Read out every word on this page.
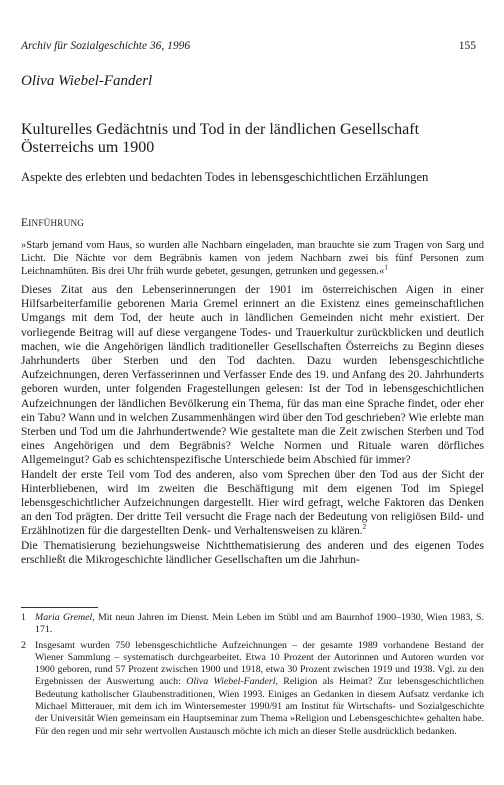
Archiv für Sozialgeschichte 36, 1996	155
Oliva Wiebel-Fanderl
Kulturelles Gedächtnis und Tod in der ländlichen Gesellschaft Österreichs um 1900
Aspekte des erlebten und bedachten Todes in lebensgeschichtlichen Erzählungen
EINFÜHRUNG
»Starb jemand vom Haus, so wurden alle Nachbarn eingeladen, man brauchte sie zum Tragen von Sarg und Licht. Die Nächte vor dem Begräbnis kamen von jedem Nachbarn zwei bis fünf Personen zum Leichnamhüten. Bis drei Uhr früh wurde gebetet, gesungen, getrunken und gegessen.«$^1$

Dieses Zitat aus den Lebenserinnerungen der 1901 im österreichischen Aigen in einer Hilfsarbeiterfamilie geborenen Maria Gremel erinnert an die Existenz eines gemeinschaftlichen Umgangs mit dem Tod, der heute auch in ländlichen Gemeinden nicht mehr existiert. Der vorliegende Beitrag will auf diese vergangene Todes- und Trauerkultur zurückblicken und deutlich machen, wie die Angehörigen ländlich traditioneller Gesellschaften Österreichs zu Beginn dieses Jahrhunderts über Sterben und den Tod dachten. Dazu wurden lebensgeschichtliche Aufzeichnungen, deren Verfasserinnen und Verfasser Ende des 19. und Anfang des 20. Jahrhunderts geboren wurden, unter folgenden Fragestellungen gelesen: Ist der Tod in lebensgeschichtlichen Aufzeichnungen der ländlichen Bevölkerung ein Thema, für das man eine Sprache findet, oder eher ein Tabu? Wann und in welchen Zusammenhängen wird über den Tod geschrieben? Wie erlebte man Sterben und Tod um die Jahrhundertwende? Wie gestaltete man die Zeit zwischen Sterben und Tod eines Angehörigen und dem Begräbnis? Welche Normen und Rituale waren dörfliches Allgemeingut? Gab es schichtenspezifische Unterschiede beim Abschied für immer?

Handelt der erste Teil vom Tod des anderen, also vom Sprechen über den Tod aus der Sicht der Hinterbliebenen, wird im zweiten die Beschäftigung mit dem eigenen Tod im Spiegel lebensgeschichtlicher Aufzeichnungen dargestellt. Hier wird gefragt, welche Faktoren das Denken an den Tod prägten. Der dritte Teil versucht die Frage nach der Bedeutung von religiösen Bild- und Erzählnotizen für die dargestellten Denk- und Verhaltensweisen zu klären.$^2$

Die Thematisierung beziehungsweise Nichtthematisierung des anderen und des eigenen Todes erschließt die Mikrogeschichte ländlicher Gesellschaften um die Jahrhun-

1 Maria Gremel, Mit neun Jahren im Dienst. Mein Leben im Stübl und am Baurnhof 1900–1930, Wien 1983, S. 171.
2 Insgesamt wurden 750 lebensgeschichtliche Aufzeichnungen – der gesamte 1989 vorhandene Bestand der Wiener Sammlung – systematisch durchgearbeitet. Etwa 10 Prozent der Autorinnen und Autoren wurden vor 1900 geboren, rund 57 Prozent zwischen 1900 und 1918, etwa 30 Prozent zwischen 1919 und 1938. Vgl. zu den Ergebnissen der Auswertung auch: Oliva Wiebel-Fanderl, Religion als Heimat? Zur lebensgeschichtlichen Bedeutung katholischer Glaubenstraditionen, Wien 1993. Einiges an Gedanken in diesem Aufsatz verdanke ich Michael Mitterauer, mit dem ich im Wintersemester 1990/91 am Institut für Wirtschafts- und Sozialgeschichte der Universität Wien gemeinsam ein Hauptseminar zum Thema »Religion und Lebensgeschichte« gehalten habe. Für den regen und mir sehr wertvollen Austausch möchte ich mich an dieser Stelle ausdrücklich bedanken.
